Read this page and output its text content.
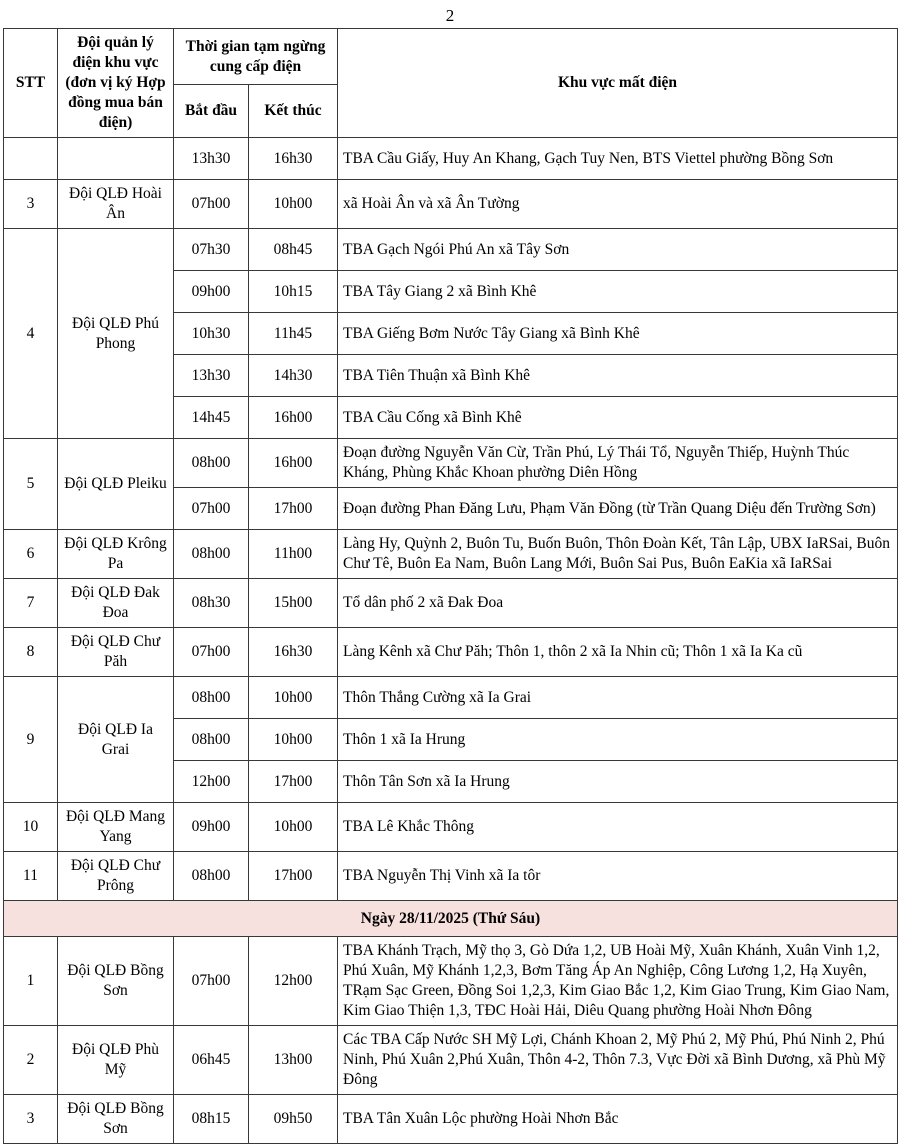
2
STT	Đội quản lý điện khu vực (đơn vị ký Hợp đồng mua bán điện)	Thời gian tạm ngừng cung cấp điện		Khu vực mất điện
		Bắt đầu	Kết thúc	
		13h30	16h30	TBA Cầu Giấy, Huy An Khang, Gạch Tuy Nen, BTS Viettel phường Bồng Sơn
3	Đội QLĐ Hoài Ân	07h00	10h00	xã Hoài Ân và xã Ân Tường
4	Đội QLĐ Phú Phong	07h30	08h45	TBA Gạch Ngói Phú An xã Tây Sơn
		09h00	10h15	TBA Tây Giang 2 xã Bình Khê
		10h30	11h45	TBA Giếng Bơm Nước Tây Giang xã Bình Khê
		13h30	14h30	TBA Tiên Thuận xã Bình Khê
		14h45	16h00	TBA Cầu Cống xã Bình Khê
5	Đội QLĐ Pleiku	08h00	16h00	Đoạn đường Nguyễn Văn Cừ, Trần Phú, Lý Thái Tổ, Nguyễn Thiếp, Huỳnh Thúc Kháng, Phùng Khắc Khoan phường Diên Hồng
		07h00	17h00	Đoạn đường Phan Đăng Lưu, Phạm Văn Đồng (từ Trần Quang Diệu đến Trường Sơn)
6	Đội QLĐ Krông Pa	08h00	11h00	Làng Hy, Quỳnh 2, Buôn Tu, Buốn Buôn, Thôn Đoàn Kết, Tân Lập, UBX IaRSai, Buôn Chư Tê, Buôn Ea Nam, Buôn Lang Mới, Buôn Sai Pus, Buôn EaKia xã IaRSai
7	Đội QLĐ Đak Đoa	08h30	15h00	Tổ dân phố 2 xã Đak Đoa
8	Đội QLĐ Chư Păh	07h00	16h30	Làng Kênh xã Chư Păh; Thôn 1, thôn 2 xã Ia Nhin cũ; Thôn 1 xã Ia Ka cũ
9	Đội QLĐ Ia Grai	08h00	10h00	Thôn Thắng Cường xã Ia Grai
		08h00	10h00	Thôn 1 xã Ia Hrung
		12h00	17h00	Thôn Tân Sơn xã Ia Hrung
10	Đội QLĐ Mang Yang	09h00	10h00	TBA Lê Khắc Thông
11	Đội QLĐ Chư Prông	08h00	17h00	TBA Nguyễn Thị Vinh xã Ia tôr
Ngày 28/11/2025 (Thứ Sáu)				
1	Đội QLĐ Bồng Sơn	07h00	12h00	TBA Khánh Trạch, Mỹ thọ 3, Gò Dứa 1,2, UB Hoài Mỹ, Xuân Khánh, Xuân Vinh 1,2, Phú Xuân, Mỹ Khánh 1,2,3, Bơm Tăng Áp An Nghiệp, Công Lương 1,2, Hạ Xuyên, TRạm Sạc Green, Đồng Soi 1,2,3, Kim Giao Bắc 1,2, Kim Giao Trung, Kim Giao Nam, Kim Giao Thiện 1,3, TĐC Hoài Hải, Diêu Quang phường Hoài Nhơn Đông
2	Đội QLĐ Phù Mỹ	06h45	13h00	Các TBA Cấp Nước SH Mỹ Lợi, Chánh Khoan 2, Mỹ Phú 2, Mỹ Phú, Phú Ninh 2, Phú Ninh, Phú Xuân 2,Phú Xuân, Thôn 4-2, Thôn 7.3, Vực Đời xã Bình Dương, xã Phù Mỹ Đông
3	Đội QLĐ Bồng Sơn	08h15	09h50	TBA Tân Xuân Lộc phường Hoài Nhơn Bắc
